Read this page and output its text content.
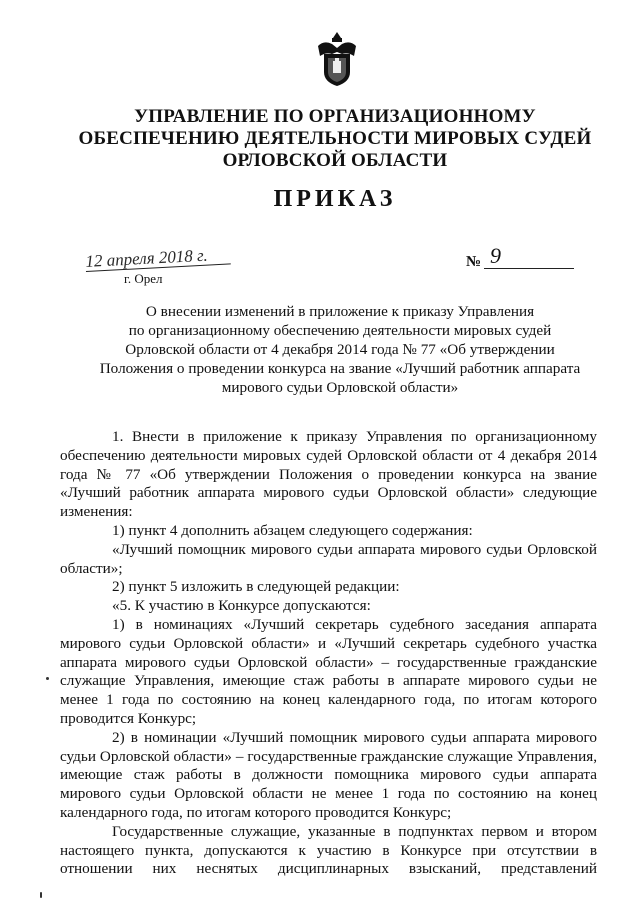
УПРАВЛЕНИЕ ПО ОРГАНИЗАЦИОННОМУ
ОБЕСПЕЧЕНИЮ ДЕЯТЕЛЬНОСТИ МИРОВЫХ СУДЕЙ
ОРЛОВСКОЙ ОБЛАСТИ
ПРИКАЗ
12 апреля 2018 г.
г. Орел
№ 9
О внесении изменений в приложение к приказу Управления
по организационному обеспечению деятельности мировых судей
Орловской области от 4 декабря 2014 года № 77 «Об утверждении
Положения о проведении конкурса на звание «Лучший работник аппарата
мирового судьи Орловской области»

1. Внести в приложение к приказу Управления по организационному обеспечению деятельности мировых судей Орловской области от 4 декабря 2014 года № 77 «Об утверждении Положения о проведении конкурса на звание «Лучший работник аппарата мирового судьи Орловской области» следующие изменения:

1) пункт 4 дополнить абзацем следующего содержания:

«Лучший помощник мирового судьи аппарата мирового судьи Орловской области»;

2) пункт 5 изложить в следующей редакции:

«5. К участию в Конкурсе допускаются:

1) в номинациях «Лучший секретарь судебного заседания аппарата мирового судьи Орловской области» и «Лучший секретарь судебного участка аппарата мирового судьи Орловской области» – государственные гражданские служащие Управления, имеющие стаж работы в аппарате мирового судьи не менее 1 года по состоянию на конец календарного года, по итогам которого проводится Конкурс;

2) в номинации «Лучший помощник мирового судьи аппарата мирового судьи Орловской области» – государственные гражданские служащие Управления, имеющие стаж работы в должности помощника мирового судьи аппарата мирового судьи Орловской области не менее 1 года по состоянию на конец календарного года, по итогам которого проводится Конкурс;

Государственные служащие, указанные в подпунктах первом и втором настоящего пункта, допускаются к участию в Конкурсе при отсутствии в отношении них неснятых дисциплинарных взысканий, представлений
